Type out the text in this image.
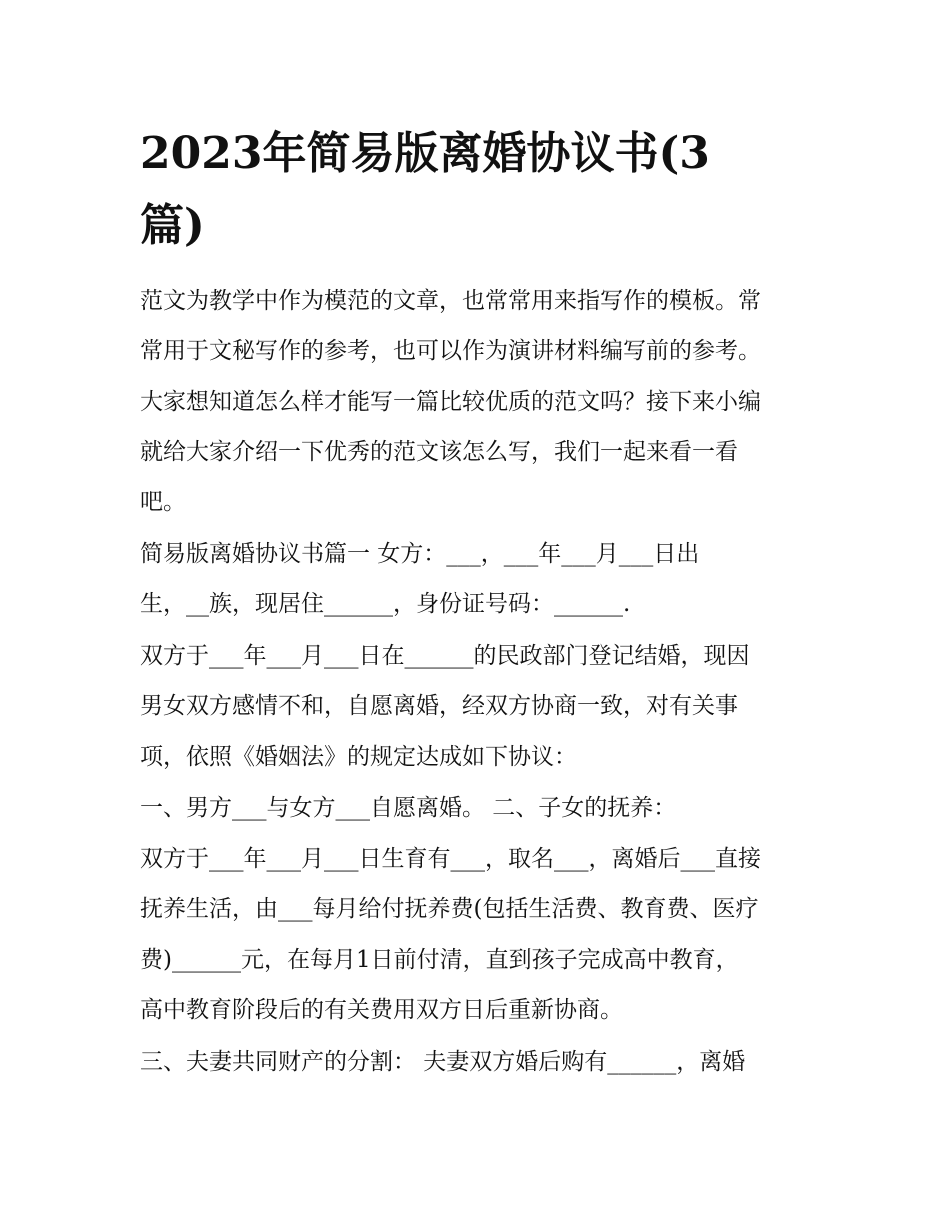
2023年简易版离婚协议书(3
篇)

范文为教学中作为模范的文章，也常常用来指写作的模板。常

常用于文秘写作的参考，也可以作为演讲材料编写前的参考。

大家想知道怎么样才能写一篇比较优质的范文吗？接下来小编

就给大家介绍一下优秀的范文该怎么写，我们一起来看一看

吧。

简易版离婚协议书篇一 女方：___，___年___月___日出

生，__族，现居住______，身份证号码：______.

双方于___年___月___日在______的民政部门登记结婚，现因

男女双方感情不和，自愿离婚，经双方协商一致，对有关事

项，依照《婚姻法》的规定达成如下协议：

一、男方___与女方___自愿离婚。 二、子女的抚养：

双方于___年___月___日生育有___，取名___，离婚后___直接

抚养生活，由___每月给付抚养费(包括生活费、教育费、医疗

费)______元，在每月1日前付清，直到孩子完成高中教育，

高中教育阶段后的有关费用双方日后重新协商。

三、夫妻共同财产的分割： 夫妻双方婚后购有______，离婚
